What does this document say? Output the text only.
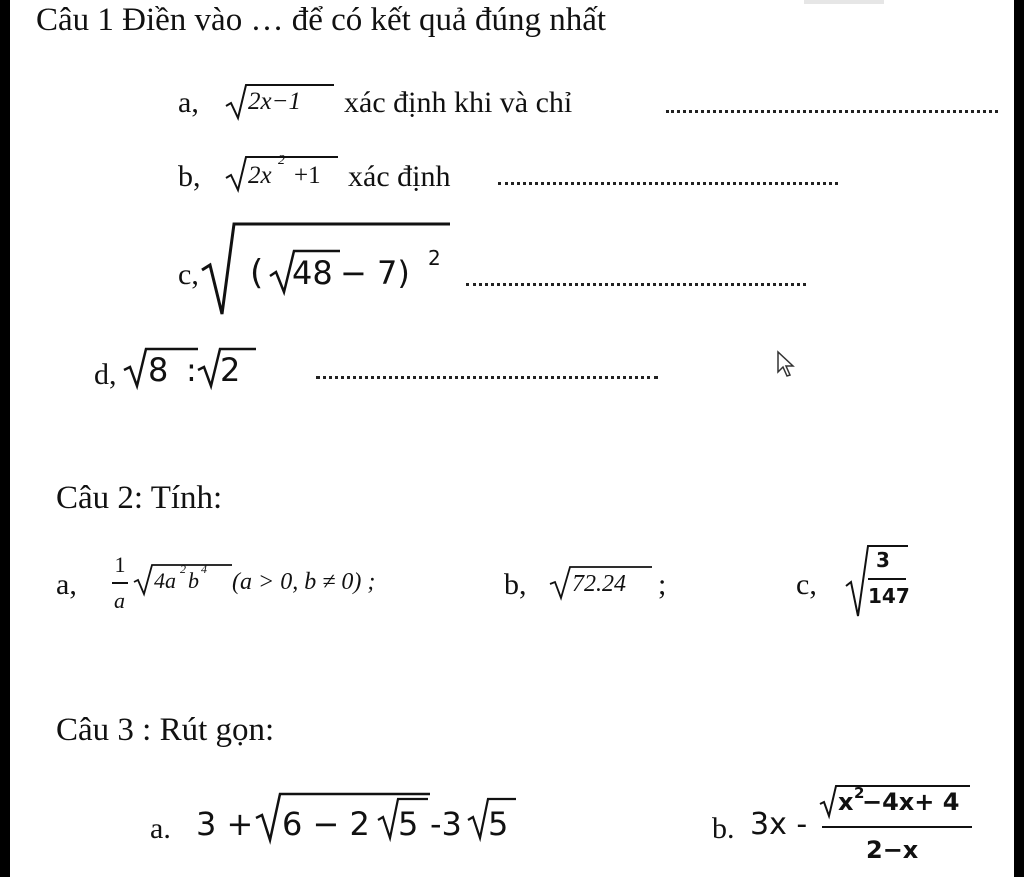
Câu 1 Điền vào … để có kết quả đúng nhất
a, 2x−1 xác định khi và chỉ
b, 2x
2
+1 xác định
c, ( 48 − 7) 2
d, 8 : 2
Câu 2: Tính:
a,
1
a
4a 2 b 4 (a > 0, b ≠ 0) ;	b, 72.24 ;	c,
3
147
Câu 3 : Rút gọn:
a. 3 + 6 − 2 5 -3 5	b. 3x -
x 2
−4x+ 4
2−x
